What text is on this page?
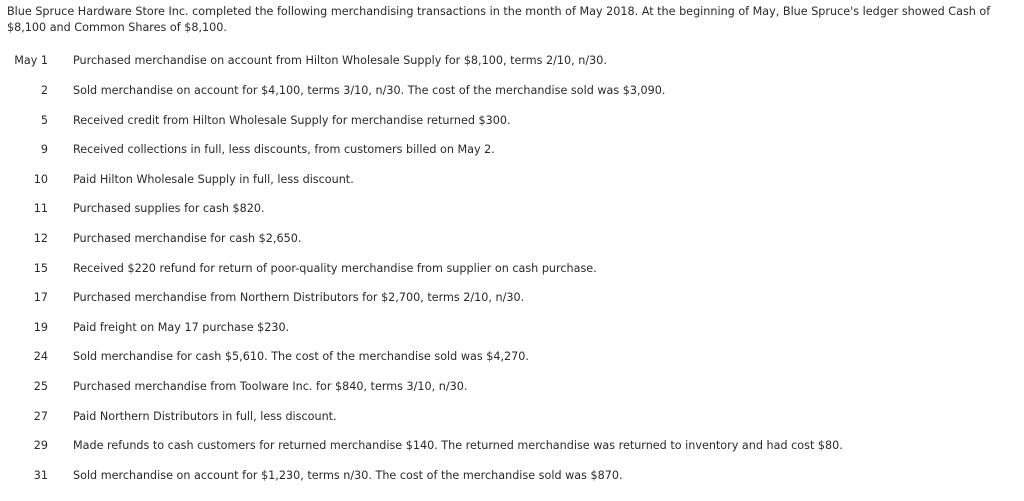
Blue Spruce Hardware Store Inc. completed the following merchandising transactions in the month of May 2018. At the beginning of May, Blue Spruce's ledger showed Cash of $8,100 and Common Shares of $8,100.

May 1	Purchased merchandise on account from Hilton Wholesale Supply for $8,100, terms 2/10, n/30.
2	Sold merchandise on account for $4,100, terms 3/10, n/30. The cost of the merchandise sold was $3,090.
5	Received credit from Hilton Wholesale Supply for merchandise returned $300.
9	Received collections in full, less discounts, from customers billed on May 2.
10	Paid Hilton Wholesale Supply in full, less discount.
11	Purchased supplies for cash $820.
12	Purchased merchandise for cash $2,650.
15	Received $220 refund for return of poor-quality merchandise from supplier on cash purchase.
17	Purchased merchandise from Northern Distributors for $2,700, terms 2/10, n/30.
19	Paid freight on May 17 purchase $230.
24	Sold merchandise for cash $5,610. The cost of the merchandise sold was $4,270.
25	Purchased merchandise from Toolware Inc. for $840, terms 3/10, n/30.
27	Paid Northern Distributors in full, less discount.
29	Made refunds to cash customers for returned merchandise $140. The returned merchandise was returned to inventory and had cost $80.
31	Sold merchandise on account for $1,230, terms n/30. The cost of the merchandise sold was $870.
